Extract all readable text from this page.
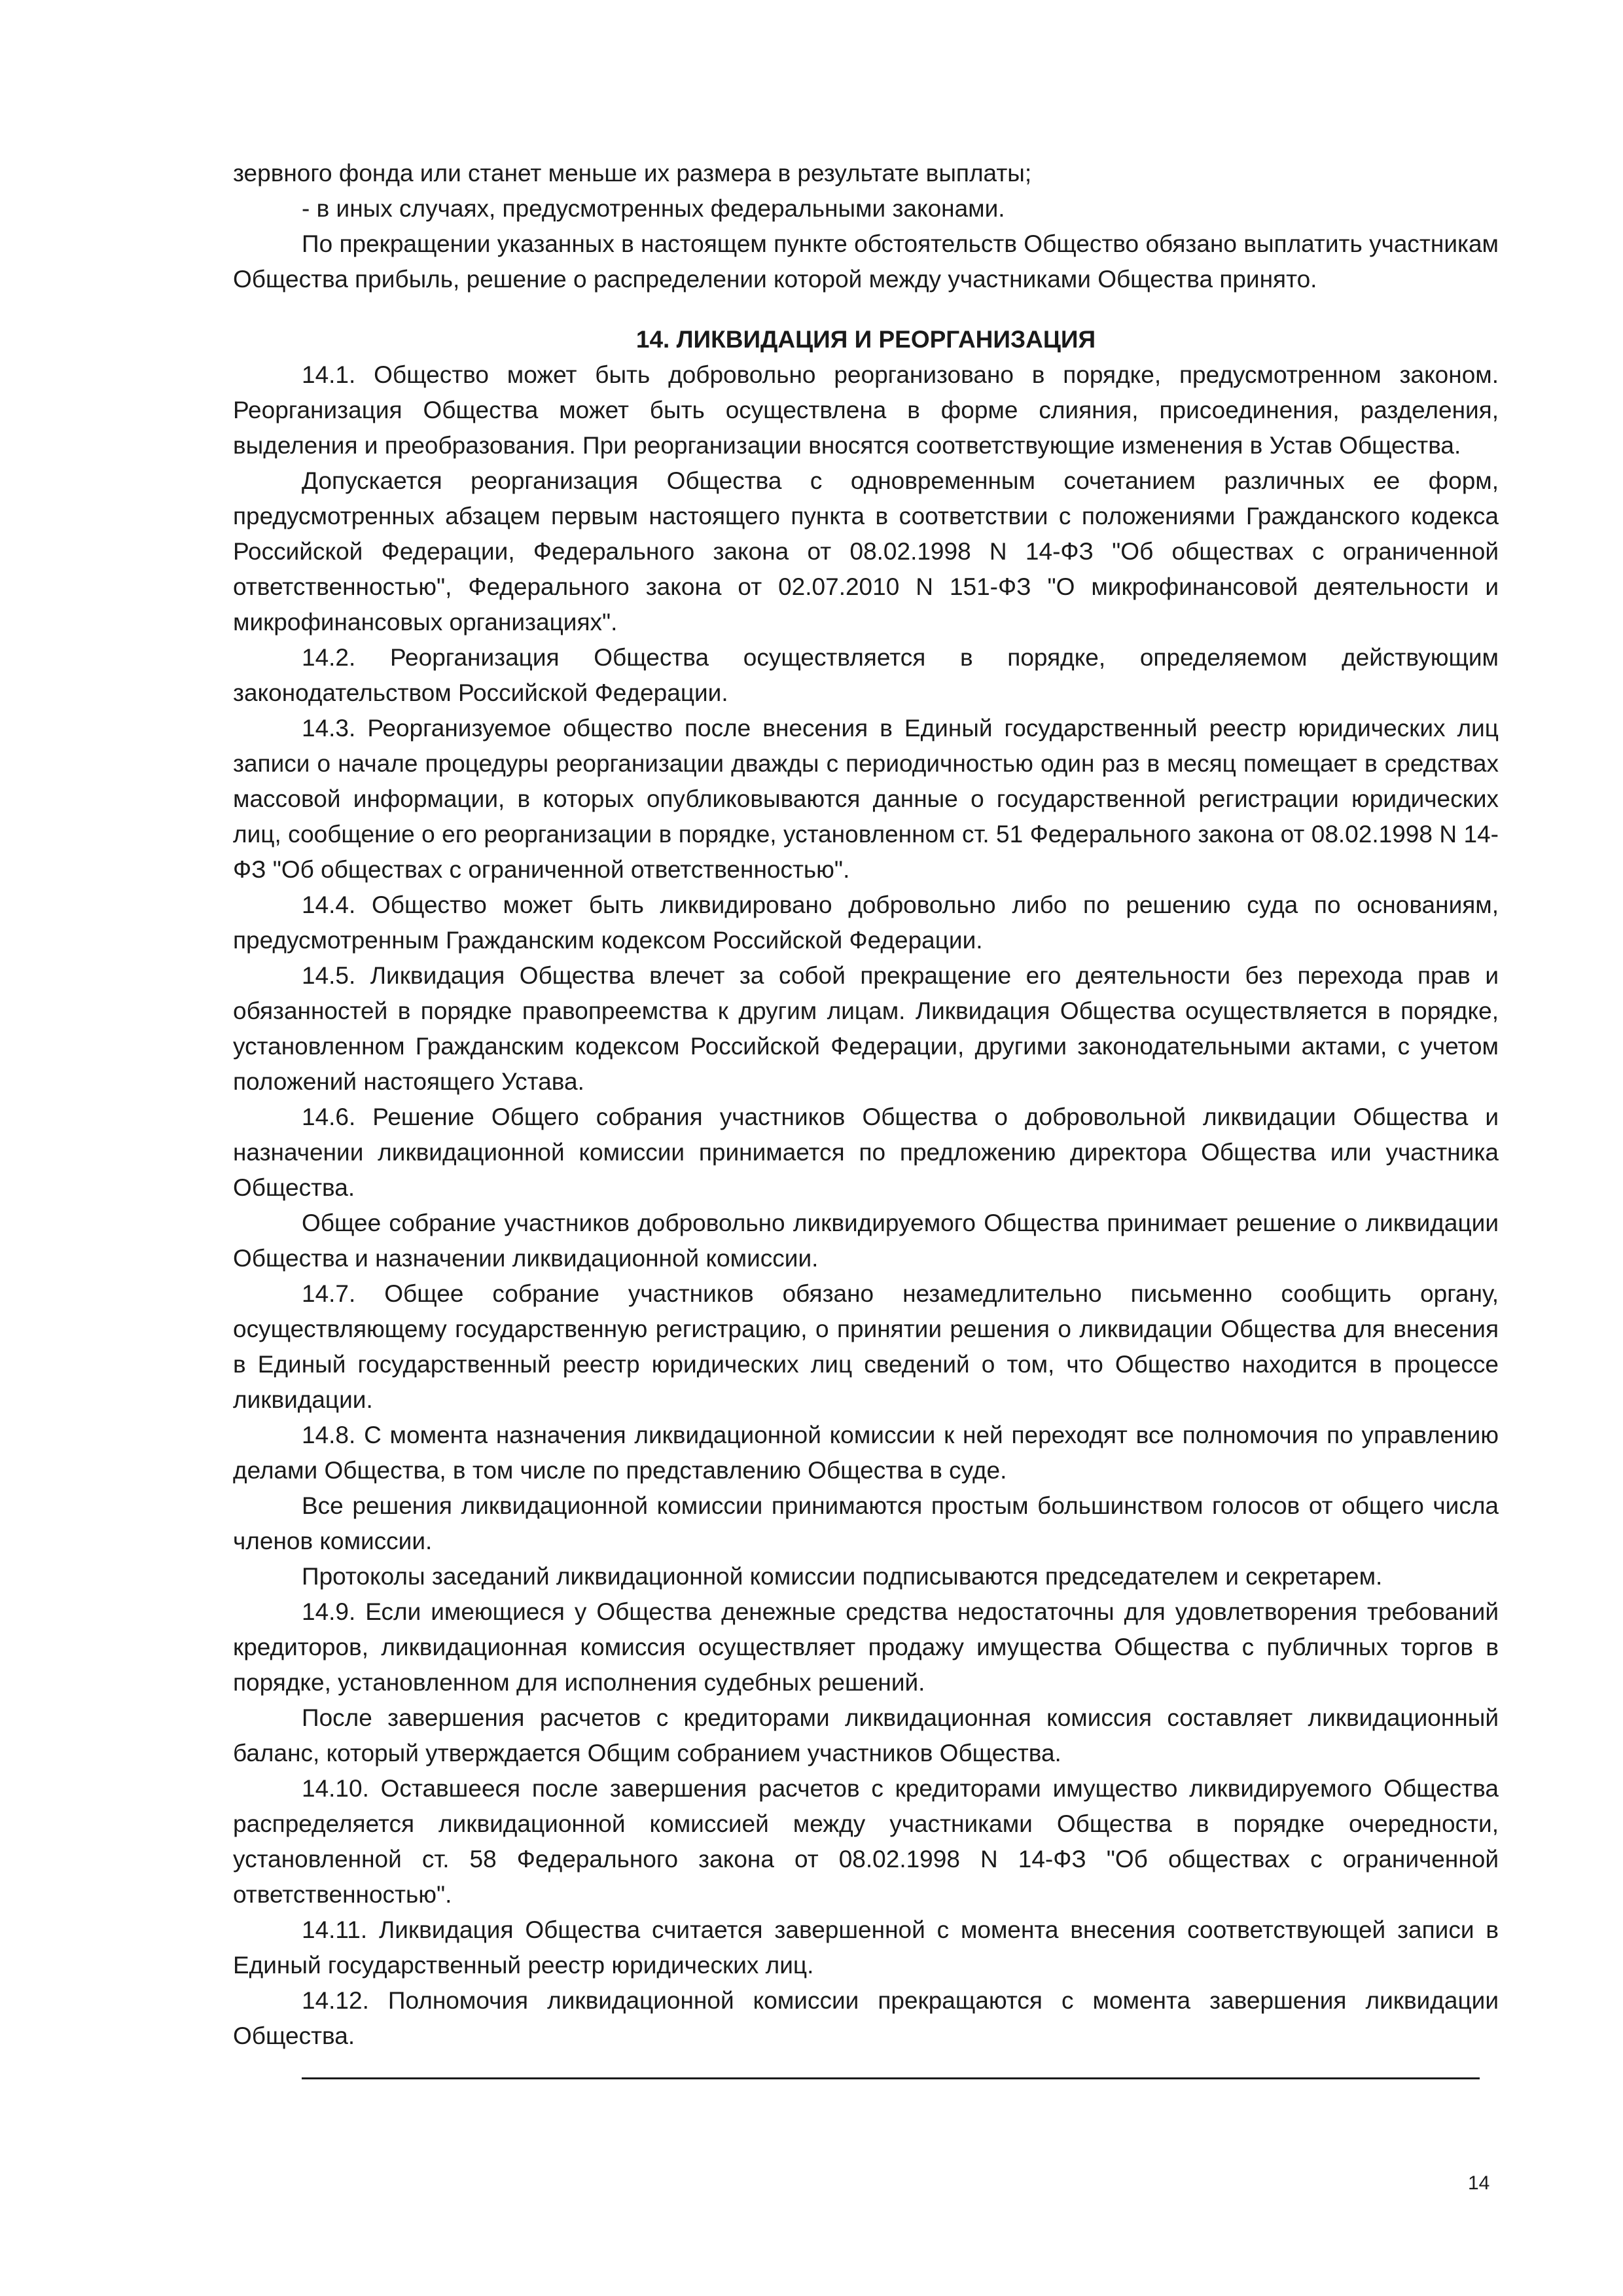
зервного фонда или станет меньше их размера в результате выплаты;

- в иных случаях, предусмотренных федеральными законами.

По прекращении указанных в настоящем пункте обстоятельств Общество обязано выплатить участникам Общества прибыль, решение о распределении которой между участниками Общества принято.

14. ЛИКВИДАЦИЯ И РЕОРГАНИЗАЦИЯ

14.1. Общество может быть добровольно реорганизовано в порядке, предусмотренном законом. Реорганизация Общества может быть осуществлена в форме слияния, присоединения, разделения, выделения и преобразования. При реорганизации вносятся соответствующие изменения в Устав Общества.

Допускается реорганизация Общества с одновременным сочетанием различных ее форм, предусмотренных абзацем первым настоящего пункта в соответствии с положениями Гражданского кодекса Российской Федерации, Федерального закона от 08.02.1998 N 14-ФЗ "Об обществах с ограниченной ответственностью", Федерального закона от 02.07.2010 N 151-ФЗ "О микрофинансовой деятельности и микрофинансовых организациях".

14.2. Реорганизация Общества осуществляется в порядке, определяемом действующим законодательством Российской Федерации.

14.3. Реорганизуемое общество после внесения в Единый государственный реестр юридических лиц записи о начале процедуры реорганизации дважды с периодичностью один раз в месяц помещает в средствах массовой информации, в которых опубликовываются данные о государственной регистрации юридических лиц, сообщение о его реорганизации в порядке, установленном ст. 51 Федерального закона от 08.02.1998 N 14-ФЗ "Об обществах с ограниченной ответственностью".

14.4. Общество может быть ликвидировано добровольно либо по решению суда по основаниям, предусмотренным Гражданским кодексом Российской Федерации.

14.5. Ликвидация Общества влечет за собой прекращение его деятельности без перехода прав и обязанностей в порядке правопреемства к другим лицам. Ликвидация Общества осуществляется в порядке, установленном Гражданским кодексом Российской Федерации, другими законодательными актами, с учетом положений настоящего Устава.

14.6. Решение Общего собрания участников Общества о добровольной ликвидации Общества и назначении ликвидационной комиссии принимается по предложению директора Общества или участника Общества.

Общее собрание участников добровольно ликвидируемого Общества принимает решение о ликвидации Общества и назначении ликвидационной комиссии.

14.7. Общее собрание участников обязано незамедлительно письменно сообщить органу, осуществляющему государственную регистрацию, о принятии решения о ликвидации Общества для внесения в Единый государственный реестр юридических лиц сведений о том, что Общество находится в процессе ликвидации.

14.8. С момента назначения ликвидационной комиссии к ней переходят все полномочия по управлению делами Общества, в том числе по представлению Общества в суде.

Все решения ликвидационной комиссии принимаются простым большинством голосов от общего числа членов комиссии.

Протоколы заседаний ликвидационной комиссии подписываются председателем и секретарем.

14.9. Если имеющиеся у Общества денежные средства недостаточны для удовлетворения требований кредиторов, ликвидационная комиссия осуществляет продажу имущества Общества с публичных торгов в порядке, установленном для исполнения судебных решений.

После завершения расчетов с кредиторами ликвидационная комиссия составляет ликвидационный баланс, который утверждается Общим собранием участников Общества.

14.10. Оставшееся после завершения расчетов с кредиторами имущество ликвидируемого Общества распределяется ликвидационной комиссией между участниками Общества в порядке очередности, установленной ст. 58 Федерального закона от 08.02.1998 N 14-ФЗ "Об обществах с ограниченной ответственностью".

14.11. Ликвидация Общества считается завершенной с момента внесения соответствующей записи в Единый государственный реестр юридических лиц.

14.12. Полномочия ликвидационной комиссии прекращаются с момента завершения ликвидации Общества.

14
